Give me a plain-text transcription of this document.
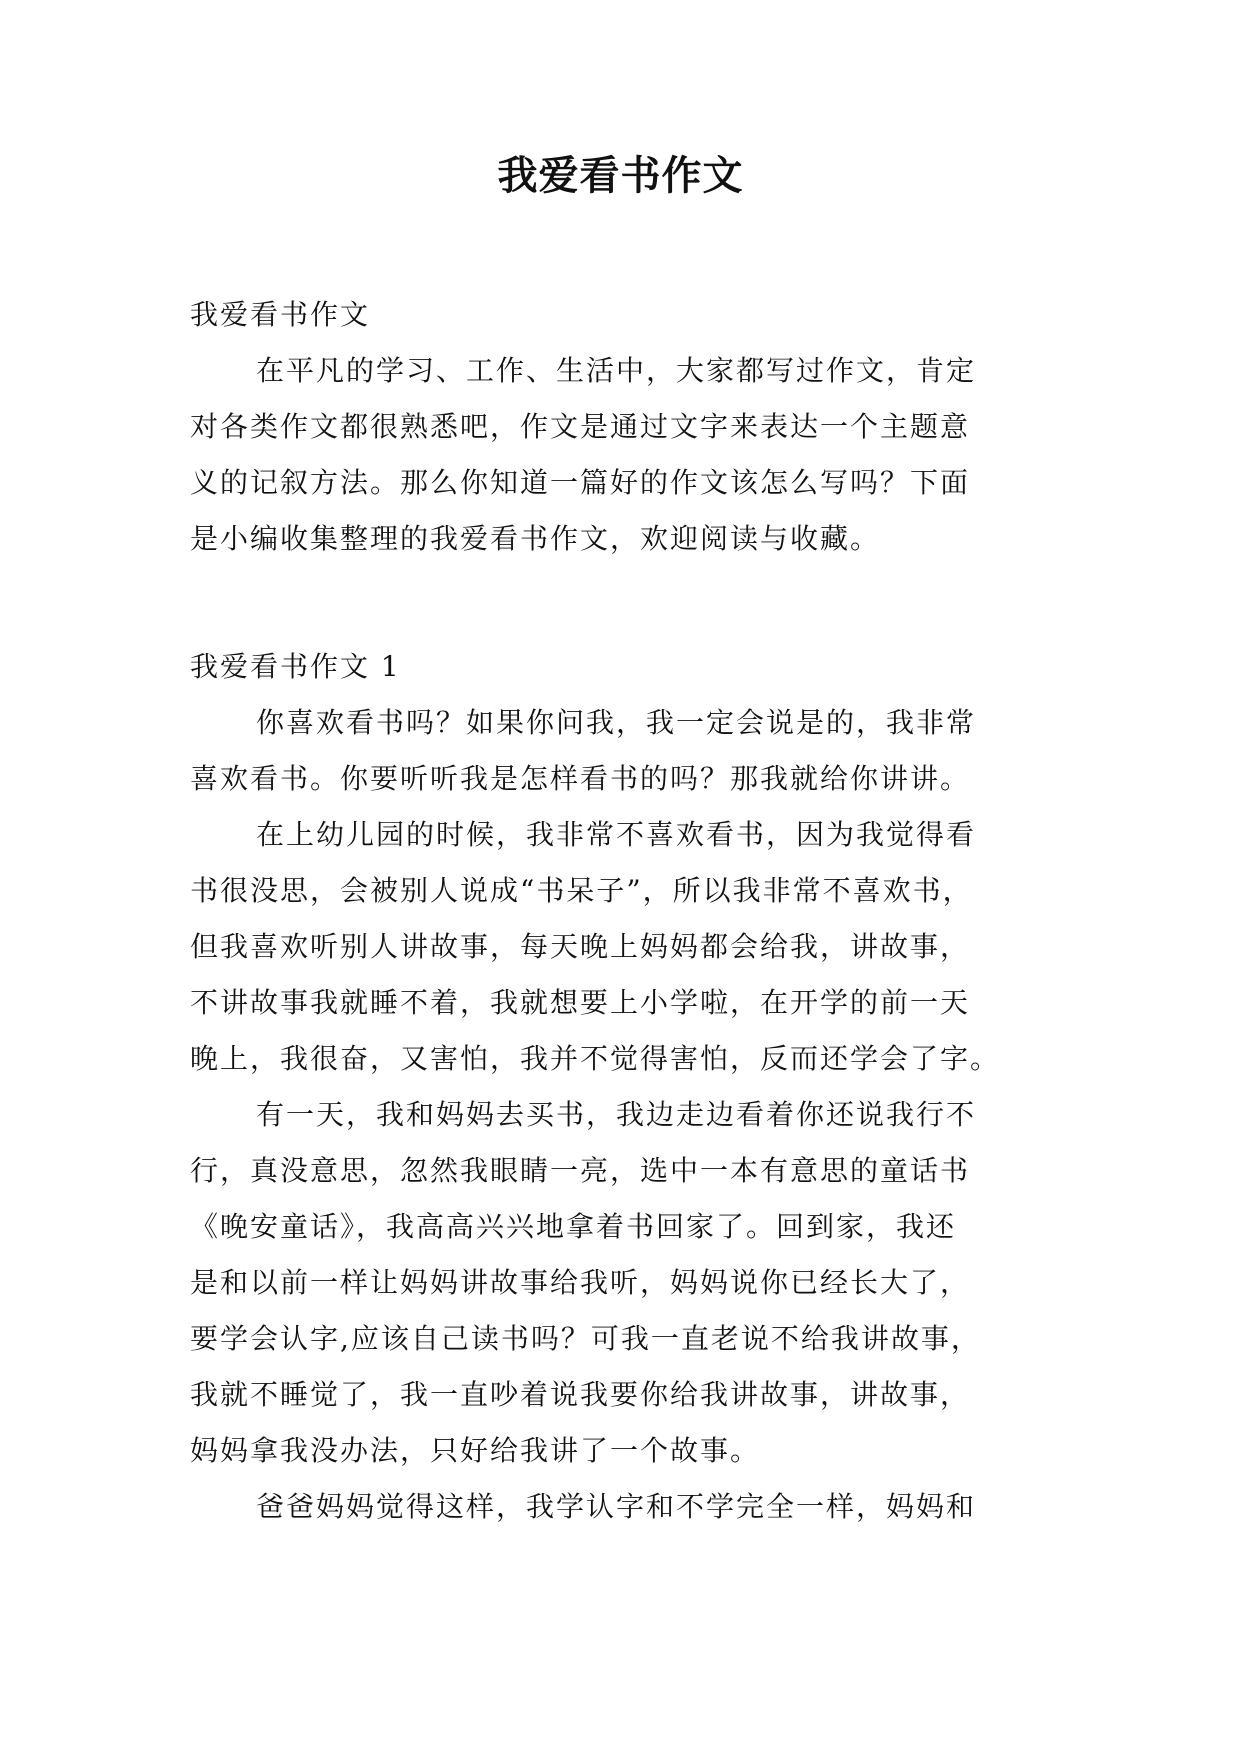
我爱看书作文

我爱看书作文

在平凡的学习、工作、生活中，大家都写过作文，肯定

对各类作文都很熟悉吧，作文是通过文字来表达一个主题意

义的记叙方法。那么你知道一篇好的作文该怎么写吗？下面

是小编收集整理的我爱看书作文，欢迎阅读与收藏。

我爱看书作文 1

你喜欢看书吗？如果你问我，我一定会说是的，我非常

喜欢看书。你要听听我是怎样看书的吗？那我就给你讲讲。

在上幼儿园的时候，我非常不喜欢看书，因为我觉得看

书很没思，会被别人说成“书呆子”，所以我非常不喜欢书，

但我喜欢听别人讲故事，每天晚上妈妈都会给我，讲故事，

不讲故事我就睡不着，我就想要上小学啦，在开学的前一天

晚上，我很奋，又害怕，我并不觉得害怕，反而还学会了字。

有一天，我和妈妈去买书，我边走边看着你还说我行不

行，真没意思，忽然我眼睛一亮，选中一本有意思的童话书

《晚安童话》，我高高兴兴地拿着书回家了。回到家，我还

是和以前一样让妈妈讲故事给我听，妈妈说你已经长大了，

要学会认字,应该自己读书吗？可我一直老说不给我讲故事，

我就不睡觉了，我一直吵着说我要你给我讲故事，讲故事，

妈妈拿我没办法，只好给我讲了一个故事。

爸爸妈妈觉得这样，我学认字和不学完全一样，妈妈和
